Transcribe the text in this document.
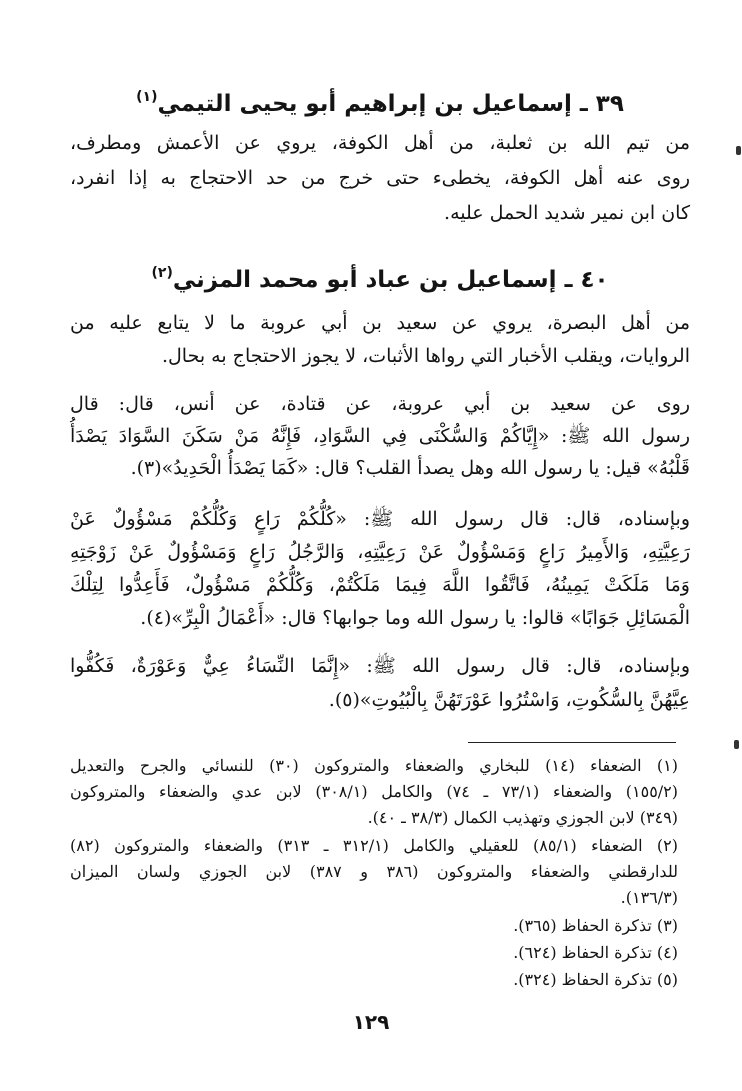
٣٩ ـ إسماعيل بن إبراهيم أبو يحيى التيمي$^{(١)}$
من تيم الله بن ثعلبة، من أهل الكوفة، يروي عن الأعمش ومطرف،
روى عنه أهل الكوفة، يخطىء حتى خرج من حد الاحتجاج به إذا انفرد،
كان ابن نمير شديد الحمل عليه.
٤٠ ـ إسماعيل بن عباد أبو محمد المزني$^{(٢)}$
من أهل البصرة، يروي عن سعيد بن أبي عروبة ما لا يتابع عليه من
الروايات، ويقلب الأخبار التي رواها الأثبات، لا يجوز الاحتجاج به بحال.
روى عن سعيد بن أبي عروبة، عن قتادة، عن أنس، قال: قال
رسول الله ﷺ: «إِيَّاكُمْ وَالسُّكْنَى فِي السَّوَادِ، فَإِنَّهُ مَنْ سَكَنَ السَّوَادَ يَصْدَأُ
قَلْبُهُ» قيل: يا رسول الله وهل يصدأ القلب؟ قال: «كَمَا يَصْدَأُ الْحَدِيدُ»(٣).
وبإسناده، قال: قال رسول الله ﷺ: «كُلُّكُمْ رَاعٍ وَكُلُّكُمْ مَسْؤُولٌ عَنْ
رَعِيَّتِهِ، وَالأَمِيرُ رَاعٍ وَمَسْؤُولٌ عَنْ رَعِيَّتِهِ، وَالرَّجُلُ رَاعٍ وَمَسْؤُولٌ عَنْ زَوْجَتِهِ
وَمَا مَلَكَتْ يَمِينُهُ، فَاتَّقُوا اللَّهَ فِيمَا مَلَكْتُمْ، وَكُلُّكُمْ مَسْؤُولٌ، فَأَعِدُّوا لِتِلْكَ
الْمَسَائِلِ جَوَابًا» قالوا: يا رسول الله وما جوابها؟ قال: «أَعْمَالُ الْبِرِّ»(٤).
وبإسناده، قال: قال رسول الله ﷺ: «إِنَّمَا النِّسَاءُ عِيٌّ وَعَوْرَةٌ، فَكُفُّوا
عِيَّهُنَّ بِالسُّكُوتِ، وَاسْتُرُوا عَوْرَتَهُنَّ بِالْبُيُوتِ»(٥).
(١) الضعفاء (١٤) للبخاري والضعفاء والمتروكون (٣٠) للنسائي والجرح والتعديل
(١٥٥/٢) والضعفاء (٧٣/١ ـ ٧٤) والكامل (٣٠٨/١) لابن عدي والضعفاء والمتروكون
(٣٤٩) لابن الجوزي وتهذيب الكمال (٣٨/٣ ـ ٤٠).
(٢) الضعفاء (٨٥/١) للعقيلي والكامل (٣١٢/١ ـ ٣١٣) والضعفاء والمتروكون (٨٢)
للدارقطني والضعفاء والمتروكون (٣٨٦ و ٣٨٧) لابن الجوزي ولسان الميزان
(١٣٦/٣).
(٣) تذكرة الحفاظ (٣٦٥).
(٤) تذكرة الحفاظ (٦٢٤).
(٥) تذكرة الحفاظ (٣٢٤).
١٢٩
